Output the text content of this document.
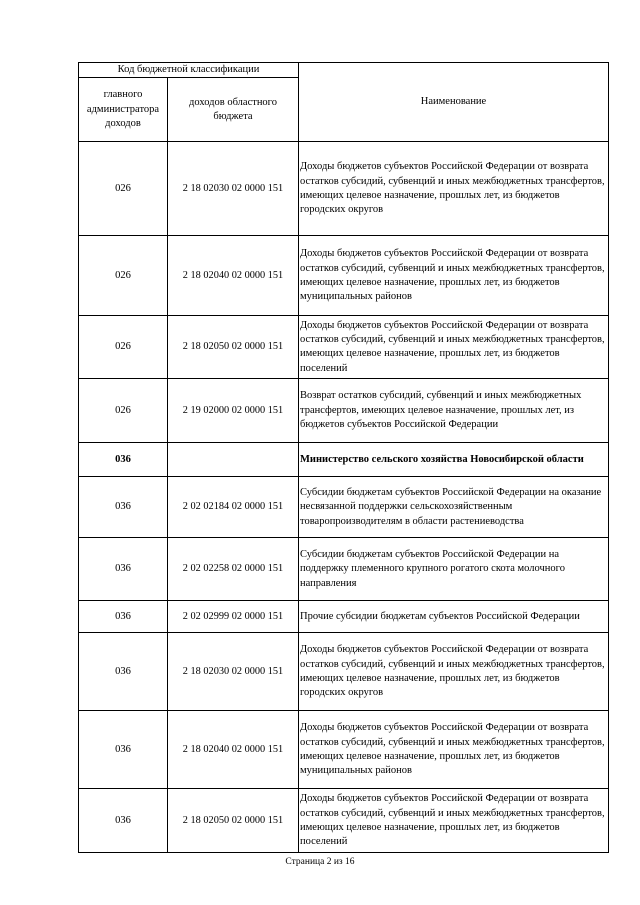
Код бюджетной классификации		Наименование
главного администратора доходов	доходов областного бюджета	
026	2 18 02030 02 0000 151	Доходы бюджетов субъектов Российской Федерации от возврата остатков субсидий, субвенций и иных межбюджетных трансфертов, имеющих целевое назначение, прошлых лет, из бюджетов городских округов
026	2 18 02040 02 0000 151	Доходы бюджетов субъектов Российской Федерации от возврата остатков субсидий, субвенций и иных межбюджетных трансфертов, имеющих целевое назначение, прошлых лет, из бюджетов муниципальных районов
026	2 18 02050 02 0000 151	Доходы бюджетов субъектов Российской Федерации от возврата остатков субсидий, субвенций и иных межбюджетных трансфертов, имеющих целевое назначение, прошлых лет, из бюджетов поселений
026	2 19 02000 02 0000 151	Возврат остатков субсидий, субвенций и иных межбюджетных трансфертов, имеющих целевое назначение, прошлых лет, из бюджетов субъектов Российской Федерации
036		Министерство сельского хозяйства Новосибирской области
036	2 02 02184 02 0000 151	Субсидии бюджетам субъектов Российской Федерации на оказание несвязанной поддержки сельскохозяйственным товаропроизводителям в области растениеводства
036	2 02 02258 02 0000 151	Субсидии бюджетам субъектов Российской Федерации на поддержку племенного крупного рогатого скота молочного направления
036	2 02 02999 02 0000 151	Прочие субсидии бюджетам субъектов Российской Федерации
036	2 18 02030 02 0000 151	Доходы бюджетов субъектов Российской Федерации от возврата остатков субсидий, субвенций и иных межбюджетных трансфертов, имеющих целевое назначение, прошлых лет, из бюджетов городских округов
036	2 18 02040 02 0000 151	Доходы бюджетов субъектов Российской Федерации от возврата остатков субсидий, субвенций и иных межбюджетных трансфертов, имеющих целевое назначение, прошлых лет, из бюджетов муниципальных районов
036	2 18 02050 02 0000 151	Доходы бюджетов субъектов Российской Федерации от возврата остатков субсидий, субвенций и иных межбюджетных трансфертов, имеющих целевое назначение, прошлых лет, из бюджетов поселений
Страница 2 из 16
